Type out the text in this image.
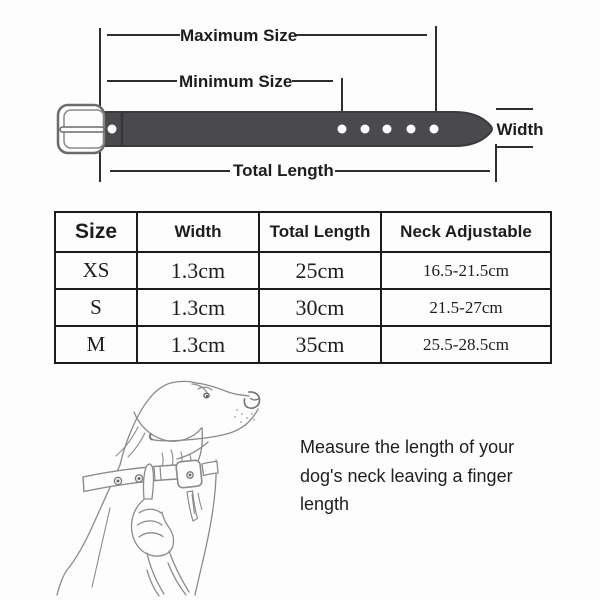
Maximum Size
Minimum Size
Width
Total Length
Size	Width	Total Length	Neck Adjustable
XS	1.3cm	25cm	16.5-21.5cm
S	1.3cm	30cm	21.5-27cm
M	1.3cm	35cm	25.5-28.5cm
Measure the length of your
dog's neck leaving a finger
length
